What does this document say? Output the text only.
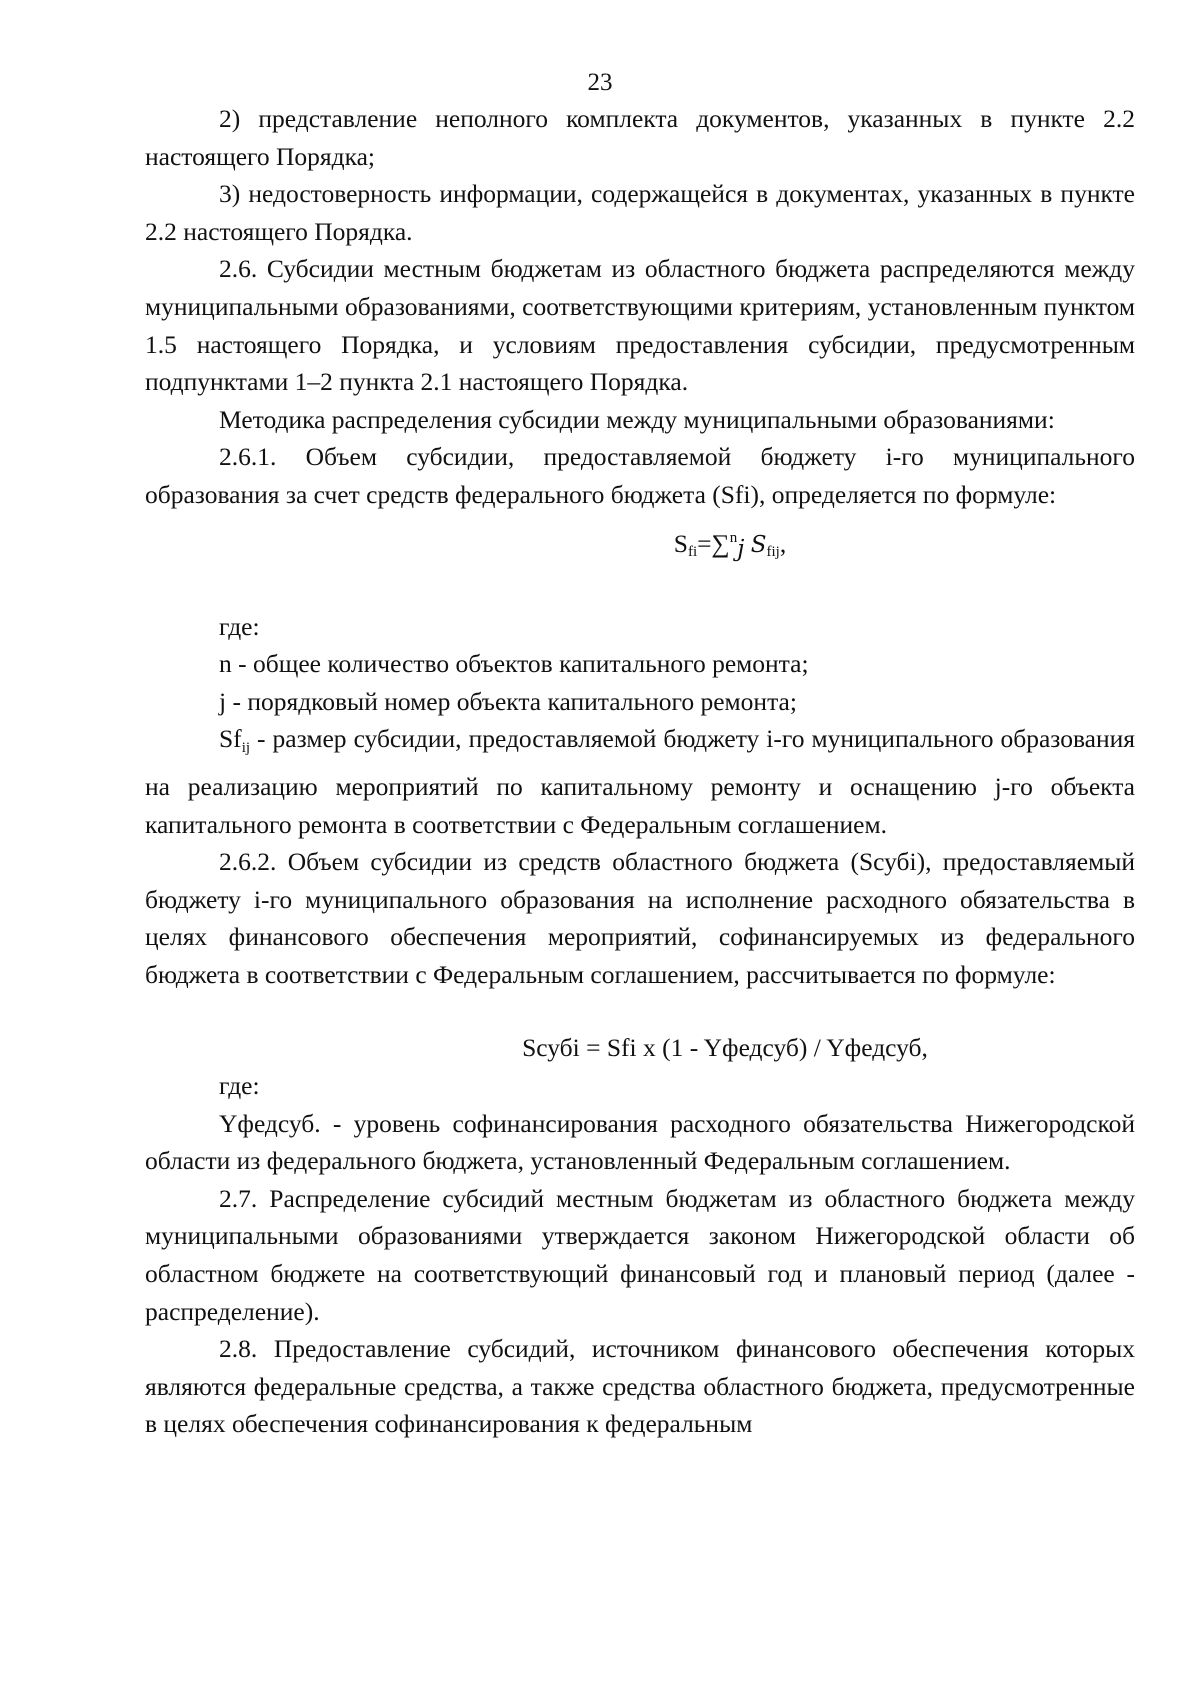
23

2) представление неполного комплекта документов, указанных в пункте 2.2 настоящего Порядка;

3) недостоверность информации, содержащейся в документах, указанных в пункте 2.2 настоящего Порядка.

2.6. Субсидии местным бюджетам из областного бюджета распределяются между муниципальными образованиями, соответствующими критериям, установленным пунктом 1.5 настоящего Порядка, и условиям предоставления субсидии, предусмотренным подпунктами 1–2 пункта 2.1 настоящего Порядка.

Методика распределения субсидии между муниципальными образованиями:

2.6.1. Объем субсидии, предоставляемой бюджету i-го муниципального образования за счет средств федерального бюджета (Sfi), определяется по формуле:

$S_{fi}=\sum^n_j$ $S_{fij}$,

где:

n - общее количество объектов капитального ремонта;

j - порядковый номер объекта капитального ремонта;

$Sf_{ij}$ - размер субсидии, предоставляемой бюджету i-го муниципального образования на реализацию мероприятий по капитальному ремонту и оснащению j-го объекта капитального ремонта в соответствии с Федеральным соглашением.

2.6.2. Объем субсидии из средств областного бюджета (Sсубi), предоставляемый бюджету i-го муниципального образования на исполнение расходного обязательства в целях финансового обеспечения мероприятий, софинансируемых из федерального бюджета в соответствии с Федеральным соглашением, рассчитывается по формуле:

Sсубi = Sfi x (1 - Yфедсуб) / Yфедсуб,

где:

Yфедсуб. - уровень софинансирования расходного обязательства Нижегородской области из федерального бюджета, установленный Федеральным соглашением.

2.7. Распределение субсидий местным бюджетам из областного бюджета между муниципальными образованиями утверждается законом Нижегородской области об областном бюджете на соответствующий финансовый год и плановый период (далее - распределение).

2.8. Предоставление субсидий, источником финансового обеспечения которых являются федеральные средства, а также средства областного бюджета, предусмотренные в целях обеспечения софинансирования к федеральным
